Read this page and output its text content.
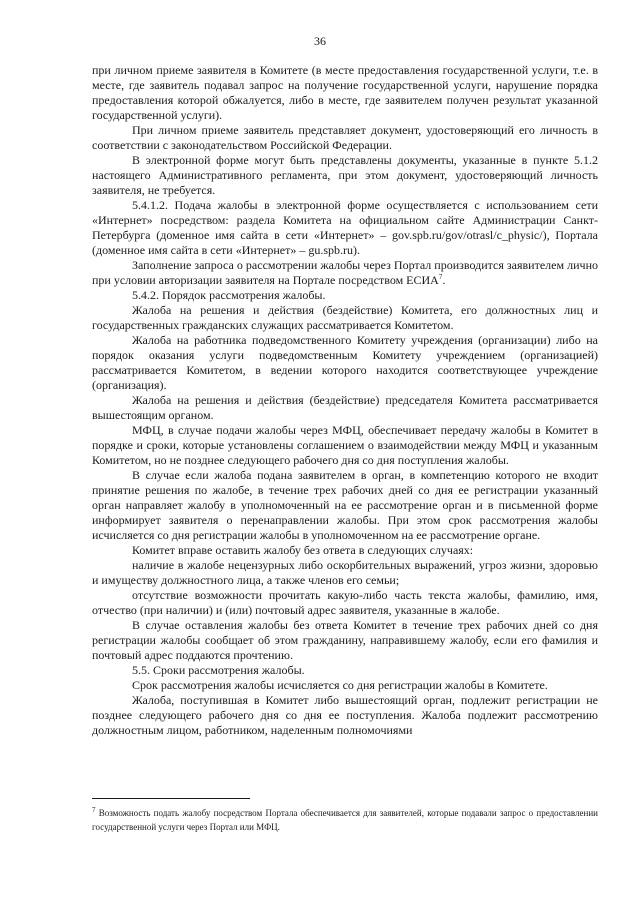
36

при личном приеме заявителя в Комитете (в месте предоставления государственной услуги, т.е. в месте, где заявитель подавал запрос на получение государственной услуги, нарушение порядка предоставления которой обжалуется, либо в месте, где заявителем получен результат указанной государственной услуги).

При личном приеме заявитель представляет документ, удостоверяющий его личность в соответствии с законодательством Российской Федерации.

В электронной форме могут быть представлены документы, указанные в пункте 5.1.2 настоящего Административного регламента, при этом документ, удостоверяющий личность заявителя, не требуется.

5.4.1.2. Подача жалобы в электронной форме осуществляется с использованием сети «Интернет» посредством: раздела Комитета на официальном сайте Администрации Санкт-Петербурга (доменное имя сайта в сети «Интернет» – gov.spb.ru/gov/otrasl/c_physic/), Портала (доменное имя сайта в сети «Интернет» – gu.spb.ru).

Заполнение запроса о рассмотрении жалобы через Портал производится заявителем лично при условии авторизации заявителя на Портале посредством ЕСИА$^7$.

5.4.2. Порядок рассмотрения жалобы.

Жалоба на решения и действия (бездействие) Комитета, его должностных лиц и государственных гражданских служащих рассматривается Комитетом.

Жалоба на работника подведомственного Комитету учреждения (организации) либо на порядок оказания услуги подведомственным Комитету учреждением (организацией) рассматривается Комитетом, в ведении которого находится соответствующее учреждение (организация).

Жалоба на решения и действия (бездействие) председателя Комитета рассматривается вышестоящим органом.

МФЦ, в случае подачи жалобы через МФЦ, обеспечивает передачу жалобы в Комитет в порядке и сроки, которые установлены соглашением о взаимодействии между МФЦ и указанным Комитетом, но не позднее следующего рабочего дня со дня поступления жалобы.

В случае если жалоба подана заявителем в орган, в компетенцию которого не входит принятие решения по жалобе, в течение трех рабочих дней со дня ее регистрации указанный орган направляет жалобу в уполномоченный на ее рассмотрение орган и в письменной форме информирует заявителя о перенаправлении жалобы. При этом срок рассмотрения жалобы исчисляется со дня регистрации жалобы в уполномоченном на ее рассмотрение органе.

Комитет вправе оставить жалобу без ответа в следующих случаях:

наличие в жалобе нецензурных либо оскорбительных выражений, угроз жизни, здоровью и имуществу должностного лица, а также членов его семьи;

отсутствие возможности прочитать какую-либо часть текста жалобы, фамилию, имя, отчество (при наличии) и (или) почтовый адрес заявителя, указанные в жалобе.

В случае оставления жалобы без ответа Комитет в течение трех рабочих дней со дня регистрации жалобы сообщает об этом гражданину, направившему жалобу, если его фамилия и почтовый адрес поддаются прочтению.

5.5. Сроки рассмотрения жалобы.

Срок рассмотрения жалобы исчисляется со дня регистрации жалобы в Комитете.

Жалоба, поступившая в Комитет либо вышестоящий орган, подлежит регистрации не позднее следующего рабочего дня со дня ее поступления. Жалоба подлежит рассмотрению должностным лицом, работником, наделенным полномочиями

$^7$ Возможность подать жалобу посредством Портала обеспечивается для заявителей, которые подавали запрос о предоставлении государственной услуги через Портал или МФЦ.
